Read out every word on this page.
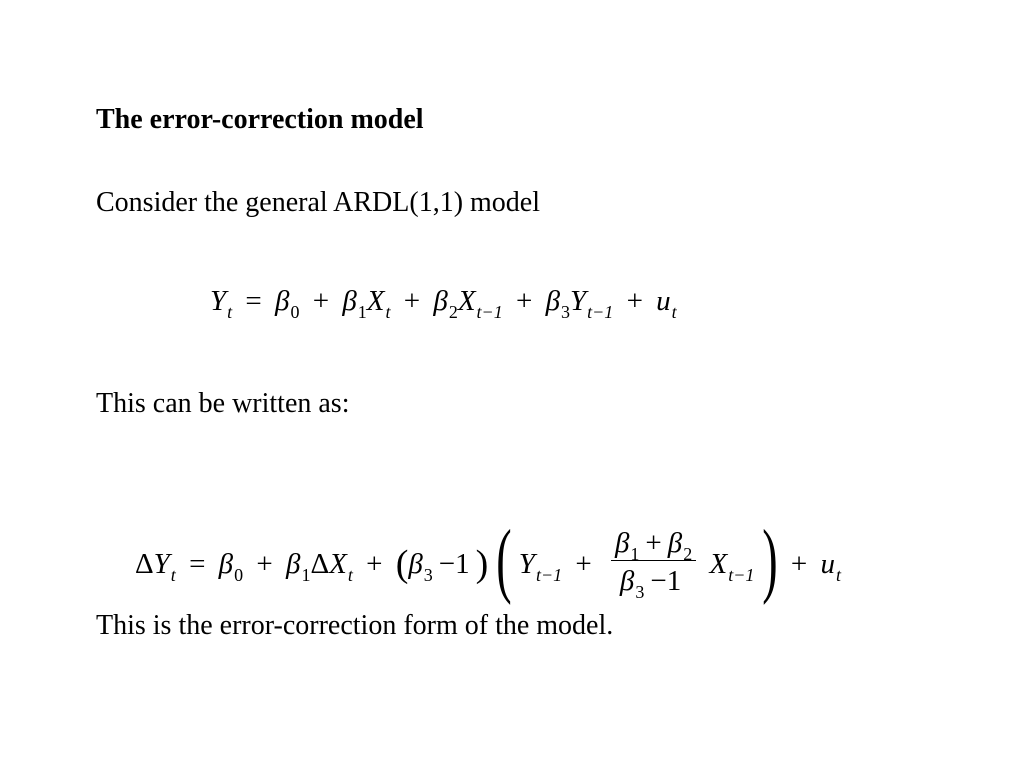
The error-correction model
Consider the general ARDL(1,1) model
$Y_t = \beta_0 + \beta_1X_t + \beta_2X_{t-1} + \beta_3Y_{t-1} + u_t$
This can be written as:
$\Delta Y_t = \beta_0 + \beta_1\Delta X_t + (\beta_3 -1$ ) ( $Y_{t-1} + \frac{\beta_1 + \beta_2}{\beta_3 -1} X_{t-1}$ ) + $u_t$
This is the error-correction form of the model.
